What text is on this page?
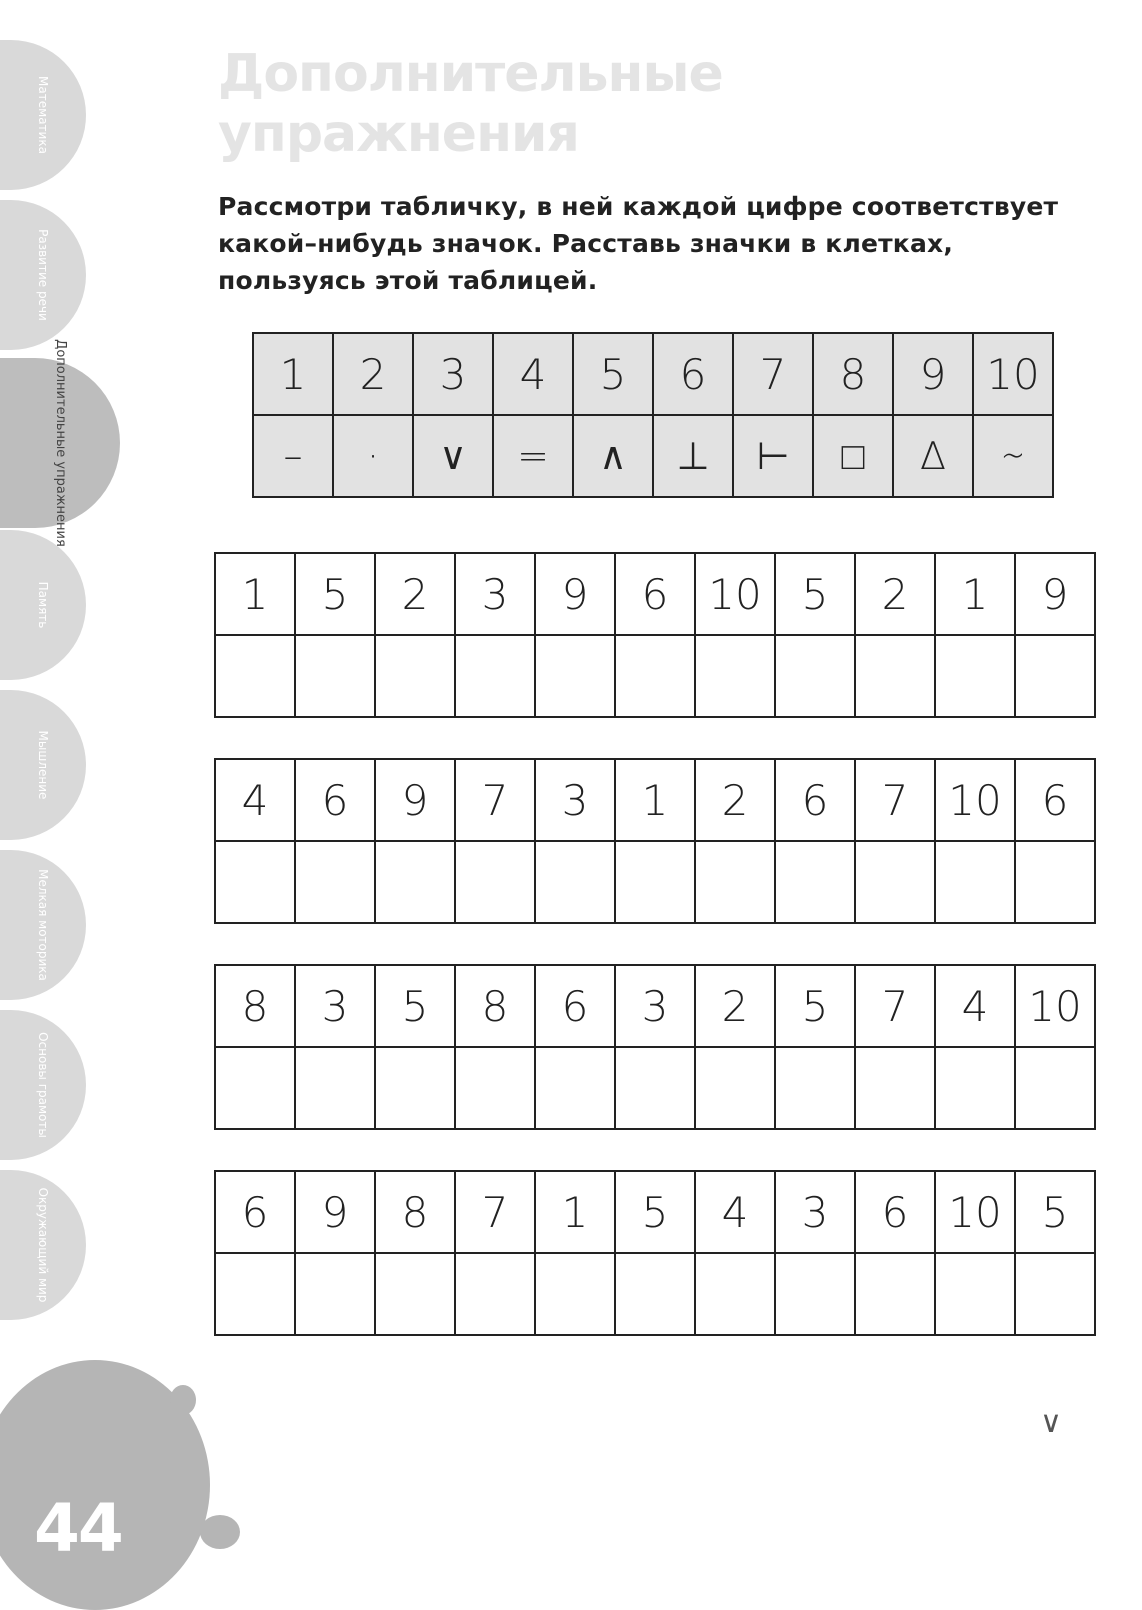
Математика
Развитие речи
Дополнительные упражнения
Память
Мышление
Мелкая моторика
Основы грамоты
Окружающий мир
44
Дополнительные
упражнения
Рассмотри табличку, в ней каждой цифре соответствует какой–нибудь значок. Расставь значки в клетках, пользуясь этой таблицей.
1	2	3	4	5	6	7	8	9	10
–	·	∨	=	∧	⊥	⊢	□	∆	∼
1	5	2	3	9	6	10	5	2	1	9

4	6	9	7	3	1	2	6	7	10	6

8	3	5	8	6	3	2	5	7	4	10

6	9	8	7	1	5	4	3	6	10	5

∨
